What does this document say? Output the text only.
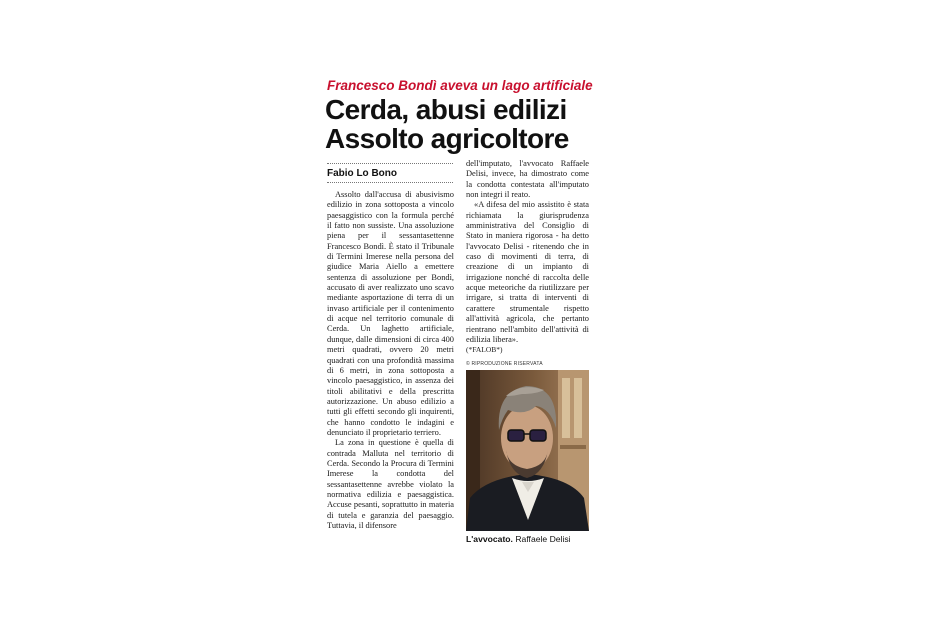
Francesco Bondì aveva un lago artificiale
Cerda, abusi edilizi
Assolto agricoltore
Fabio Lo Bono

Assolto dall'accusa di abusivismo edilizio in zona sottoposta a vincolo paesaggistico con la formula perché il fatto non sussiste. Una assoluzione piena per il sessantasettenne Francesco Bondì. È stato il Tribunale di Termini Imerese nella persona del giudice Maria Aiello a emettere sentenza di assoluzione per Bondì, accusato di aver realizzato uno scavo mediante asportazione di terra di un invaso artificiale per il contenimento di acque nel territorio comunale di Cerda. Un laghetto artificiale, dunque, dalle dimensioni di circa 400 metri quadrati, ovvero 20 metri quadrati con una profondità massima di 6 metri, in zona sottoposta a vincolo paesaggistico, in assenza dei titoli abilitativi e della prescritta autorizzazione. Un abuso edilizio a tutti gli effetti secondo gli inquirenti, che hanno condotto le indagini e denunciato il proprietario terriero.

La zona in questione è quella di contrada Malluta nel territorio di Cerda. Secondo la Procura di Termini Imerese la condotta del sessantasettenne avrebbe violato la normativa edilizia e paesaggistica. Accuse pesanti, soprattutto in materia di tutela e garanzia del paesaggio. Tuttavia, il difensore

dell'imputato, l'avvocato Raffaele Delisi, invece, ha dimostrato come la condotta contestata all'imputato non integri il reato.

«A difesa del mio assistito è stata richiamata la giurisprudenza amministrativa del Consiglio di Stato in maniera rigorosa - ha detto l'avvocato Delisi - ritenendo che in caso di movimenti di terra, di creazione di un impianto di irrigazione nonché di raccolta delle acque meteoriche da riutilizzare per irrigare, si tratta di interventi di carattere strumentale rispetto all'attività agricola, che pertanto rientrano nell'ambito dell'attività di edilizia libera».

(*FALOB*)

© RIPRODUZIONE RISERVATA
L'avvocato. Raffaele Delisi
